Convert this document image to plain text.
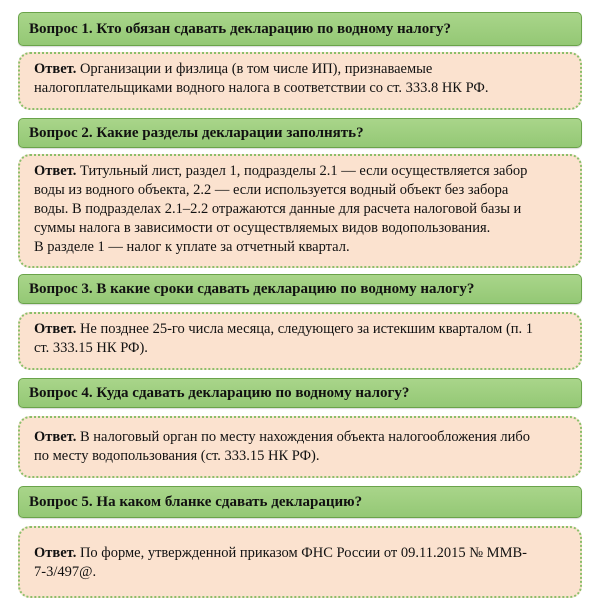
Вопрос 1. Кто обязан сдавать декларацию по водному налогу?
Ответ. Организации и физлица (в том числе ИП), признаваемые
налогоплательщиками водного налога в соответствии со ст. 333.8 НК РФ.
Вопрос 2. Какие разделы декларации заполнять?
Ответ. Титульный лист, раздел 1, подразделы 2.1 — если осуществляется забор
воды из водного объекта, 2.2 — если используется водный объект без забора
воды. В подразделах 2.1–2.2 отражаются данные для расчета налоговой базы и
суммы налога в зависимости от осуществляемых видов водопользования.
В разделе 1 — налог к уплате за отчетный квартал.
Вопрос 3. В какие сроки сдавать декларацию по водному налогу?
Ответ. Не позднее 25-го числа месяца, следующего за истекшим кварталом (п. 1
ст. 333.15 НК РФ).
Вопрос 4. Куда сдавать декларацию по водному налогу?
Ответ. В налоговый орган по месту нахождения объекта налогообложения либо
по месту водопользования (ст. 333.15 НК РФ).
Вопрос 5. На каком бланке сдавать декларацию?
Ответ. По форме, утвержденной приказом ФНС России от 09.11.2015 № ММВ-
7-3/497@.
